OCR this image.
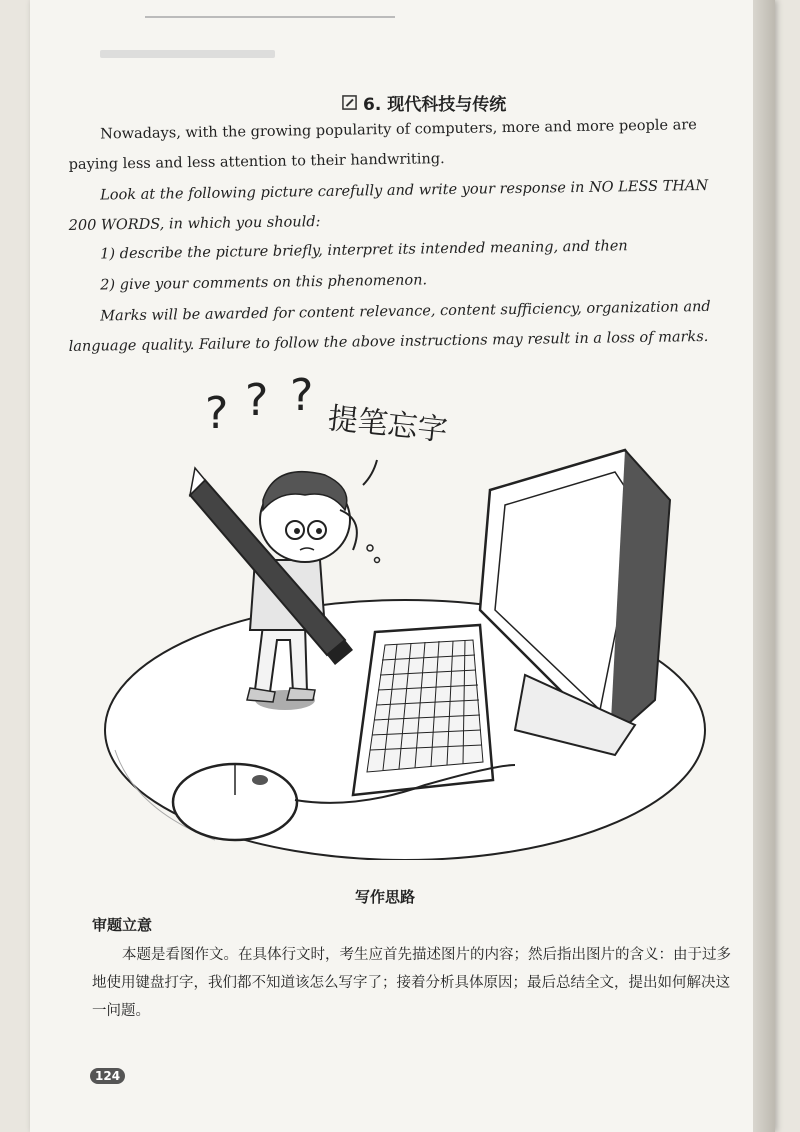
6. 现代科技与传统

Nowadays, with the growing popularity of computers, more and more people are paying less and less attention to their handwriting.

Look at the following picture carefully and write your response in NO LESS THAN 200 WORDS, in which you should:

1) describe the picture briefly, interpret its intended meaning, and then

2) give your comments on this phenomenon.

Marks will be awarded for content relevance, content sufficiency, organization and language quality. Failure to follow the above instructions may result in a loss of marks.

? ? ?
提笔忘字
写作思路
审题立意
本题是看图作文。在具体行文时，考生应首先描述图片的内容；然后指出图片的含义：由于过多地使用键盘打字，我们都不知道该怎么写字了；接着分析具体原因；最后总结全文，提出如何解决这一问题。
124
